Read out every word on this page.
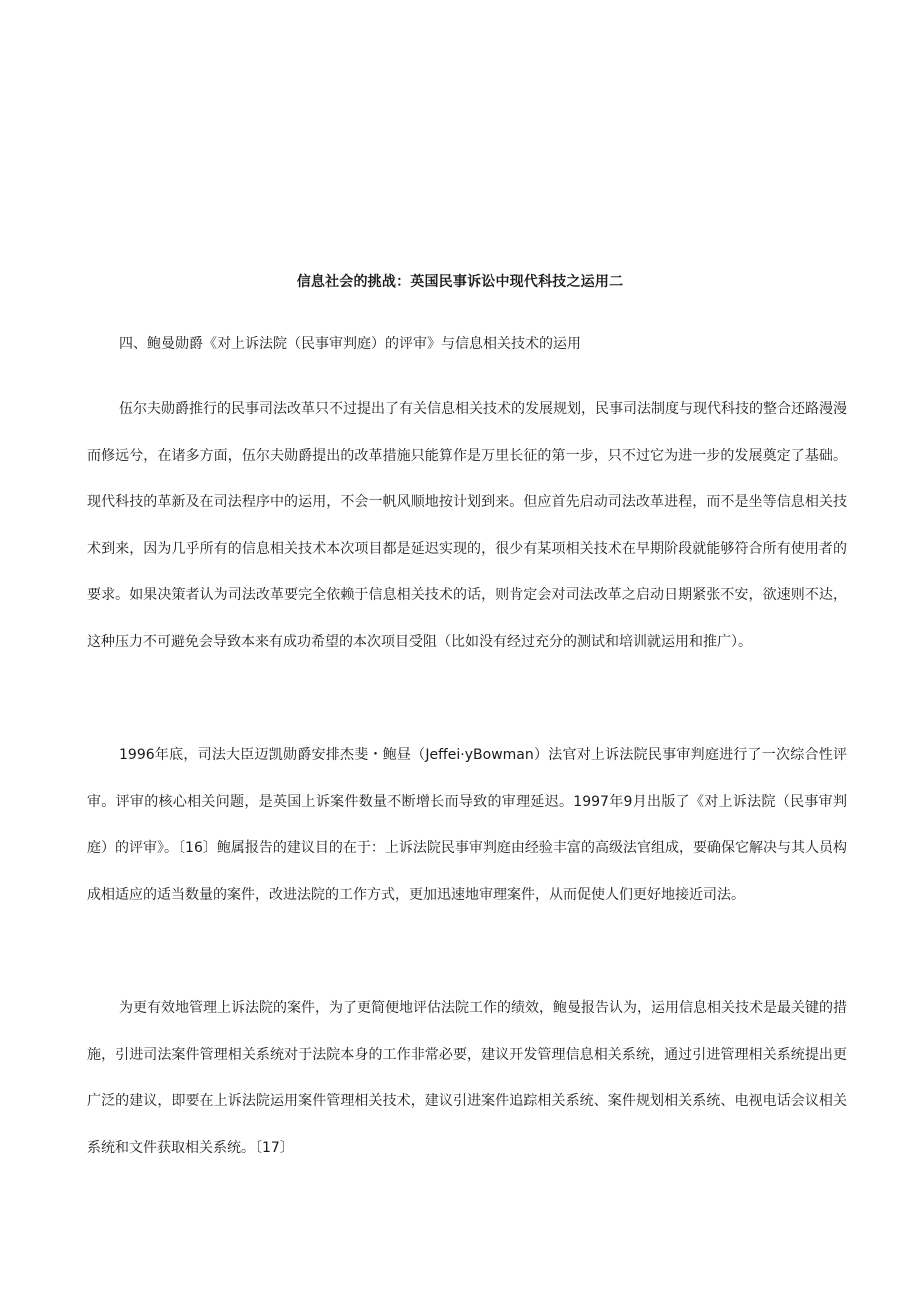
信息社会的挑战：英国民事诉讼中现代科技之运用二
四、鲍曼勋爵《对上诉法院（民事审判庭）的评审》与信息相关技术的运用

伍尔夫勋爵推行的民事司法改革只不过提出了有关信息相关技术的发展规划，民事司法制度与现代科技的整合还路漫漫而修远兮，在诸多方面，伍尔夫勋爵提出的改革措施只能算作是万里长征的第一步，只不过它为进一步的发展奠定了基础。现代科技的革新及在司法程序中的运用，不会一帆风顺地按计划到来。但应首先启动司法改革进程，而不是坐等信息相关技术到来，因为几乎所有的信息相关技术本次项目都是延迟实现的，很少有某项相关技术在早期阶段就能够符合所有使用者的要求。如果决策者认为司法改革要完全依赖于信息相关技术的话，则肯定会对司法改革之启动日期紧张不安，欲速则不达，这种压力不可避免会导致本来有成功希望的本次项目受阻（比如没有经过充分的测试和培训就运用和推广）。

1996年底，司法大臣迈凯勋爵安排杰斐・鲍昼（Jeffei·yBowman）法官对上诉法院民事审判庭进行了一次综合性评审。评审的核心相关问题，是英国上诉案件数量不断增长而导致的审理延迟。1997年9月出版了《对上诉法院（民事审判庭）的评审》。〔16〕鲍属报告的建议目的在于：上诉法院民事审判庭由经验丰富的高级法官组成，要确保它解决与其人员构成相适应的适当数量的案件，改进法院的工作方式，更加迅速地审理案件，从而促使人们更好地接近司法。

为更有效地管理上诉法院的案件，为了更简便地评估法院工作的绩效，鲍曼报告认为，运用信息相关技术是最关键的措施，引进司法案件管理相关系统对于法院本身的工作非常必要，建议开发管理信息相关系统，通过引进管理相关系统提出更广泛的建议，即要在上诉法院运用案件管理相关技术，建议引进案件追踪相关系统、案件规划相关系统、电视电话会议相关系统和文件获取相关系统。〔17〕
